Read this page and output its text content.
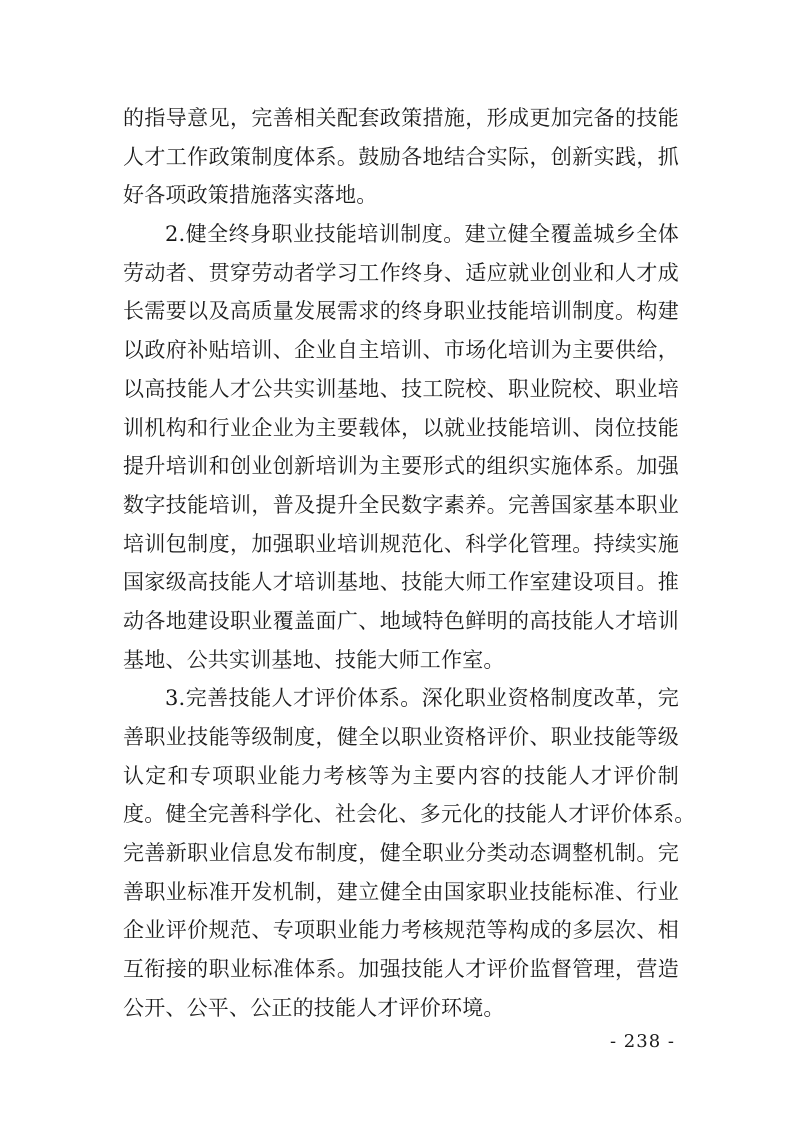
的指导意见，完善相关配套政策措施，形成更加完备的技能
人才工作政策制度体系。鼓励各地结合实际，创新实践，抓
好各项政策措施落实落地。
2.健全终身职业技能培训制度。建立健全覆盖城乡全体
劳动者、贯穿劳动者学习工作终身、适应就业创业和人才成
长需要以及高质量发展需求的终身职业技能培训制度。构建
以政府补贴培训、企业自主培训、市场化培训为主要供给，
以高技能人才公共实训基地、技工院校、职业院校、职业培
训机构和行业企业为主要载体，以就业技能培训、岗位技能
提升培训和创业创新培训为主要形式的组织实施体系。加强
数字技能培训，普及提升全民数字素养。完善国家基本职业
培训包制度，加强职业培训规范化、科学化管理。持续实施
国家级高技能人才培训基地、技能大师工作室建设项目。推
动各地建设职业覆盖面广、地域特色鲜明的高技能人才培训
基地、公共实训基地、技能大师工作室。
3.完善技能人才评价体系。深化职业资格制度改革，完
善职业技能等级制度，健全以职业资格评价、职业技能等级
认定和专项职业能力考核等为主要内容的技能人才评价制
度。健全完善科学化、社会化、多元化的技能人才评价体系。
完善新职业信息发布制度，健全职业分类动态调整机制。完
善职业标准开发机制，建立健全由国家职业技能标准、行业
企业评价规范、专项职业能力考核规范等构成的多层次、相
互衔接的职业标准体系。加强技能人才评价监督管理，营造
公开、公平、公正的技能人才评价环境。
- 238 -
